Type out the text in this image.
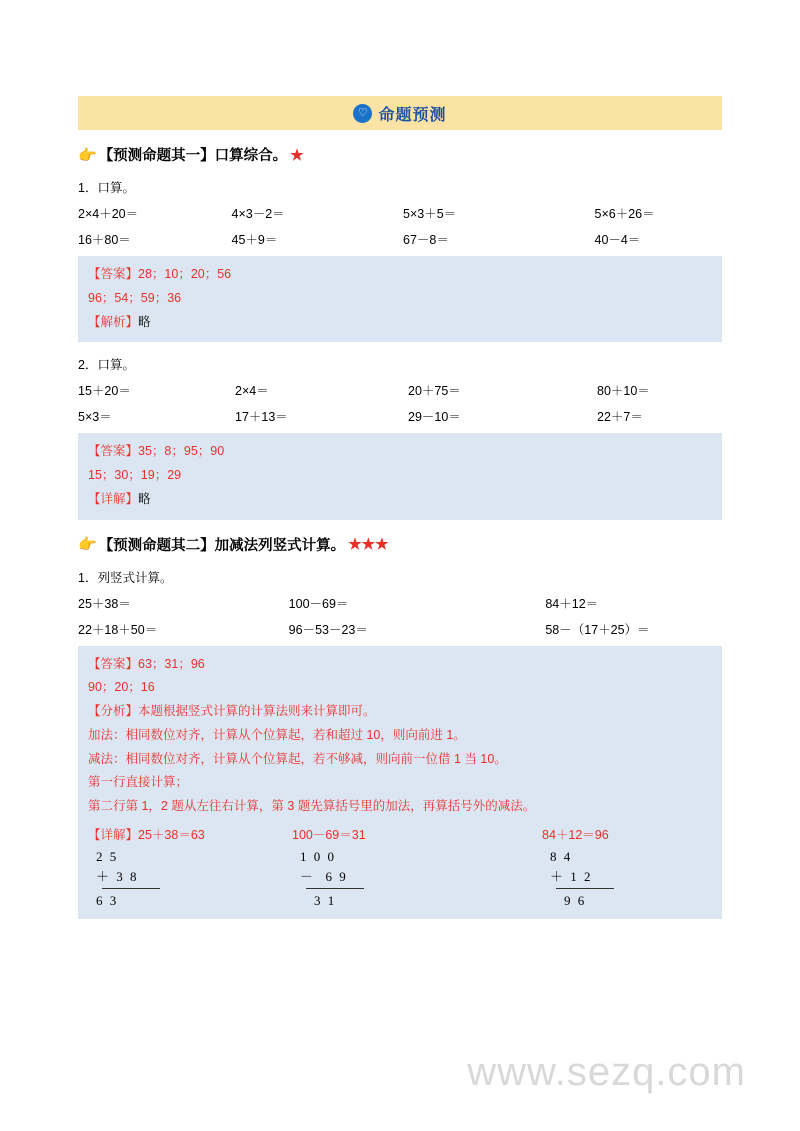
♡ 命题预测
👉 【预测命题其一】口算综合。 ★
1．口算。
2×4＋20＝	4×3－2＝	5×3＋5＝	5×6＋26＝
16＋80＝	45＋9＝	67－8＝	40－4＝
【答案】28；10；20；56
96；54；59；36
【解析】略
2．口算。
15＋20＝	2×4＝	20＋75＝	80＋10＝
5×3＝	17＋13＝	29－10＝	22＋7＝
【答案】35；8；95；90
15；30；19；29
【详解】略
👉 【预测命题其二】加减法列竖式计算。 ★★★
1．列竖式计算。
25＋38＝	100－69＝	84＋12＝
22＋18＋50＝	96－53－23＝	58－（17＋25）＝
【答案】63；31；96
90；20；16
【分析】本题根据竖式计算的计算法则来计算即可。
加法：相同数位对齐，计算从个位算起，若和超过 10，则向前进 1。
减法：相同数位对齐，计算从个位算起，若不够减，则向前一位借 1 当 10。
第一行直接计算；
第二行第 1，2 题从左往右计算，第 3 题先算括号里的加法，再算括号外的减法。
【详解】25＋38＝63	100－69＝31	84＋12＝96
2 5
＋ 3 8
6 3
1 0 0
－  6 9
3 1
8 4
＋ 1 2
9 6
www.sezq.com
